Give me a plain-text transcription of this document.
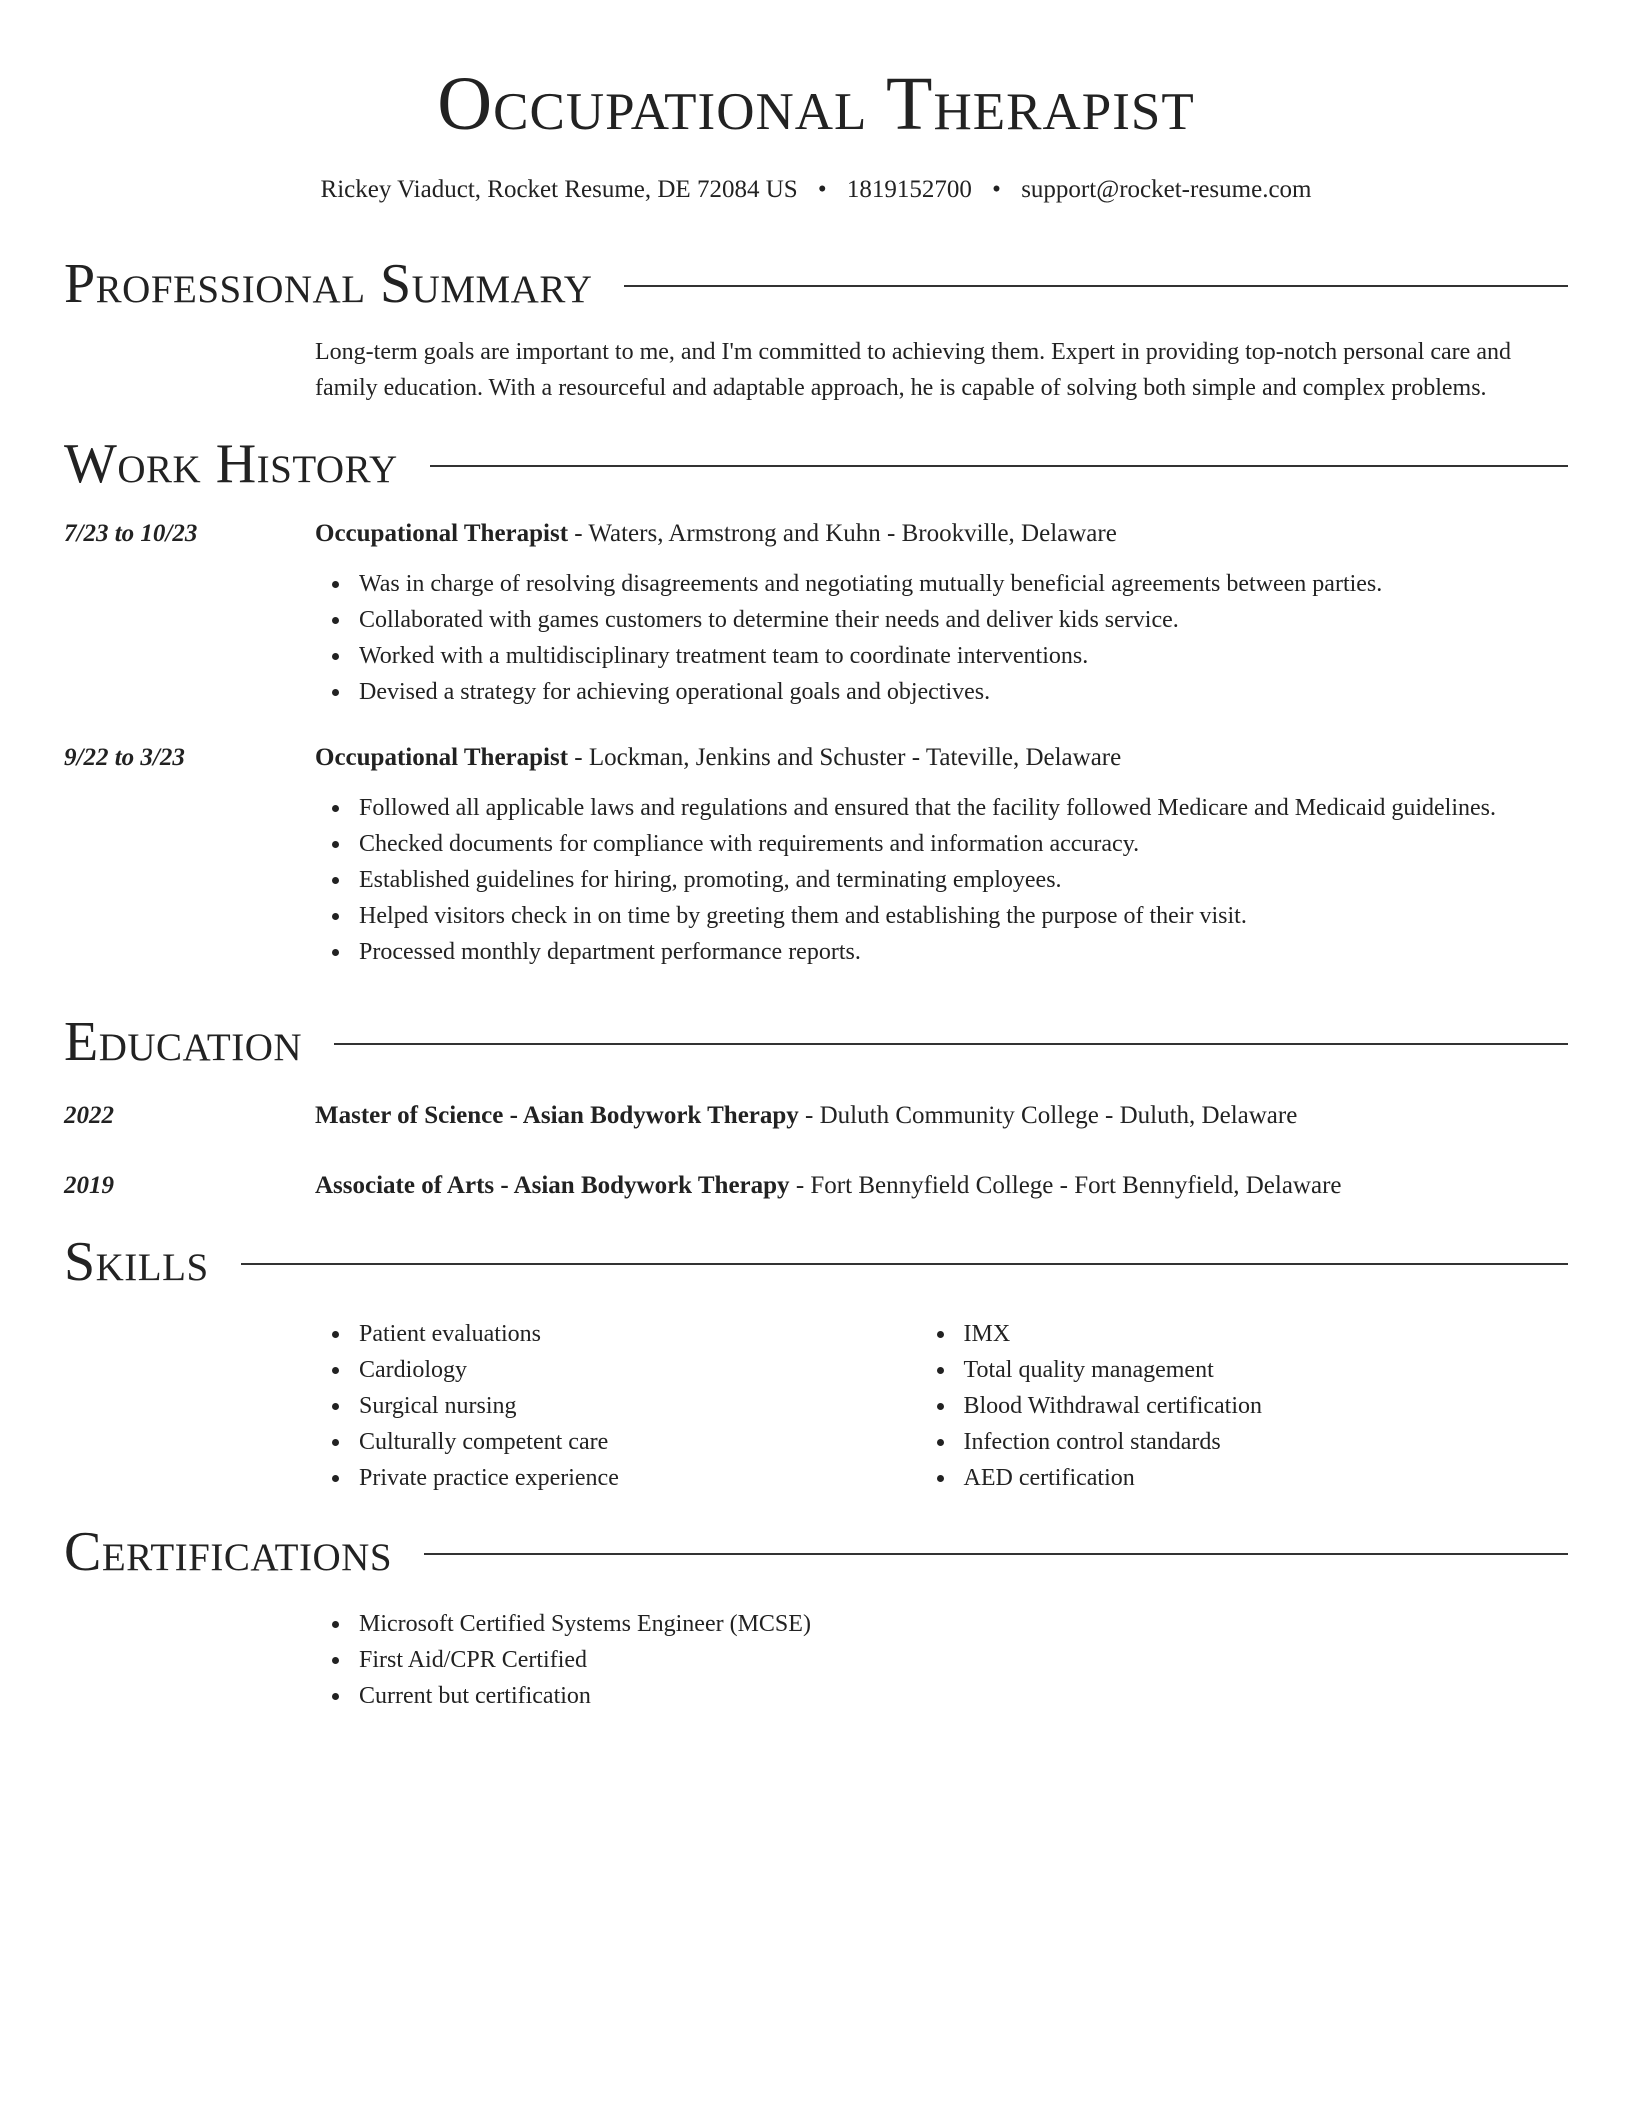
Occupational Therapist
Rickey Viaduct, Rocket Resume, DE 72084 US • 1819152700 • support@rocket-resume.com
Professional Summary

Long-term goals are important to me, and I'm committed to achieving them. Expert in providing top-notch personal care and family education. With a resourceful and adaptable approach, he is capable of solving both simple and complex problems.

Work History
7/23 to 10/23	Occupational Therapist - Waters, Armstrong and Kuhn - Brookville, Delaware
Was in charge of resolving disagreements and negotiating mutually beneficial agreements between parties.
Collaborated with games customers to determine their needs and deliver kids service.
Worked with a multidisciplinary treatment team to coordinate interventions.
Devised a strategy for achieving operational goals and objectives.
9/22 to 3/23	Occupational Therapist - Lockman, Jenkins and Schuster - Tateville, Delaware
Followed all applicable laws and regulations and ensured that the facility followed Medicare and Medicaid guidelines.
Checked documents for compliance with requirements and information accuracy.
Established guidelines for hiring, promoting, and terminating employees.
Helped visitors check in on time by greeting them and establishing the purpose of their visit.
Processed monthly department performance reports.
Education
2022	Master of Science - Asian Bodywork Therapy - Duluth Community College - Duluth, Delaware
2019	Associate of Arts - Asian Bodywork Therapy - Fort Bennyfield College - Fort Bennyfield, Delaware
Skills
Patient evaluations
Cardiology
Surgical nursing
Culturally competent care
Private practice experience
IMX
Total quality management
Blood Withdrawal certification
Infection control standards
AED certification
Certifications
Microsoft Certified Systems Engineer (MCSE)
First Aid/CPR Certified
Current but certification
